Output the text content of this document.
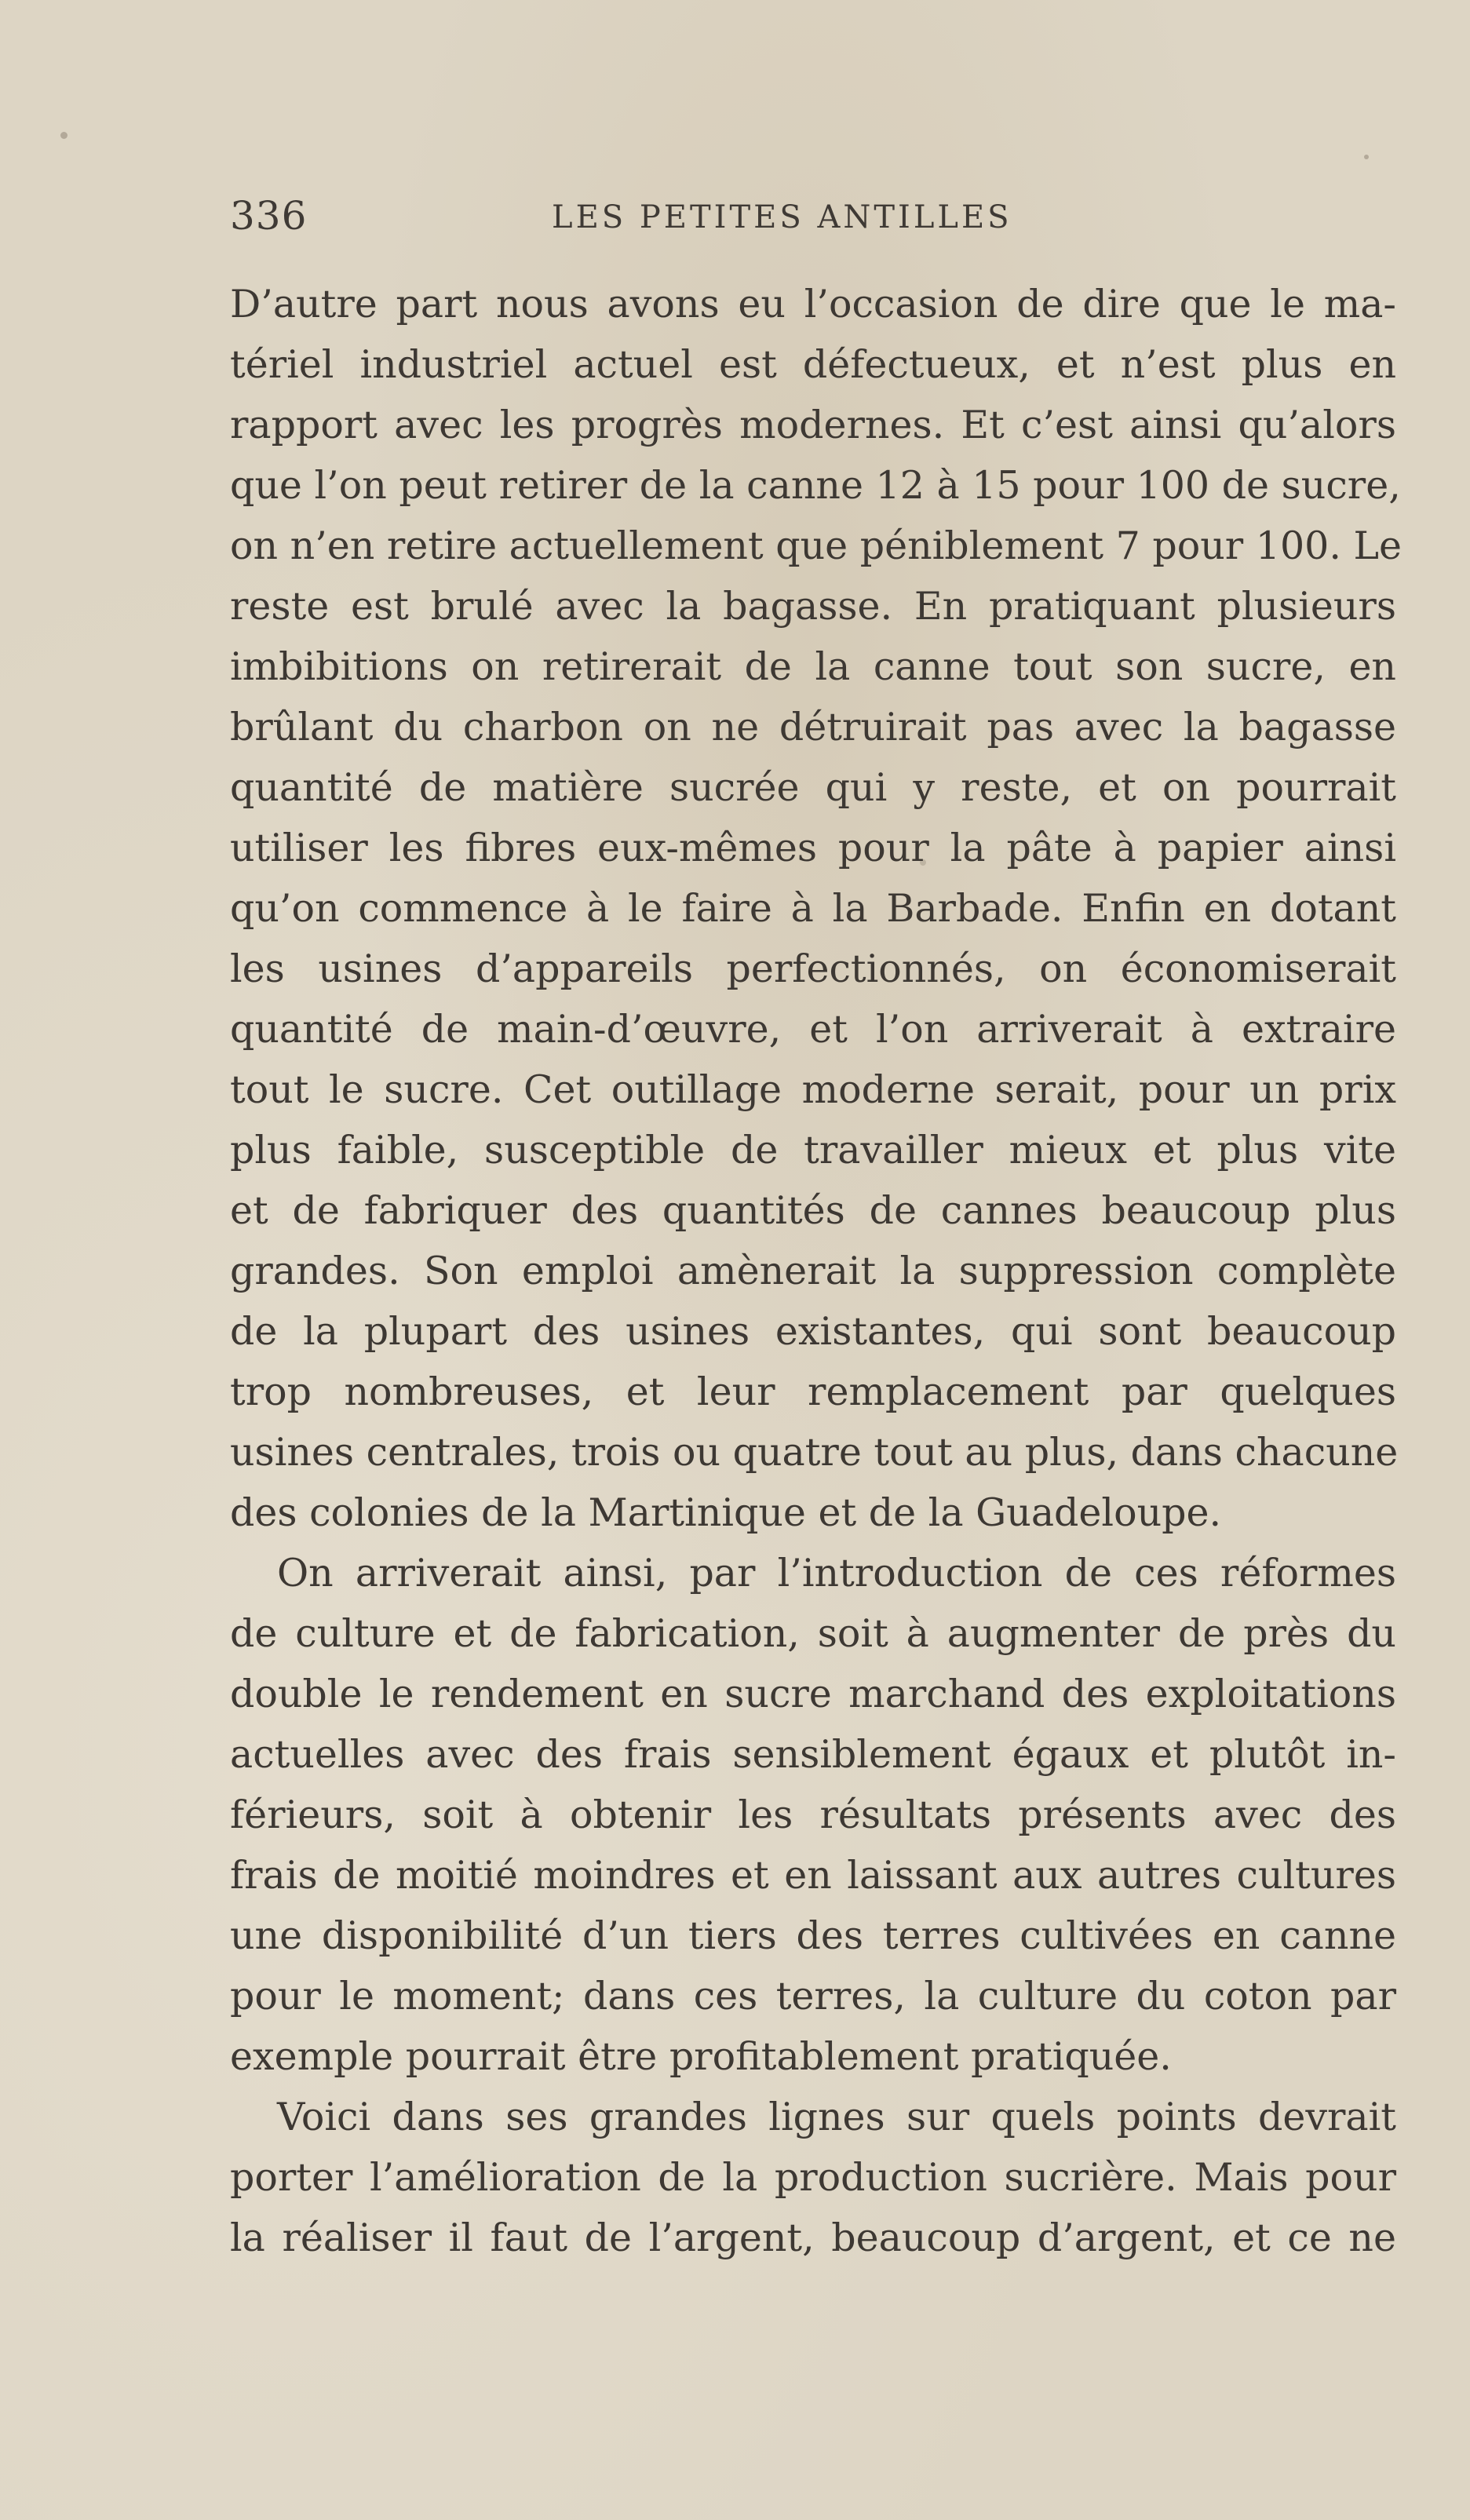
336	LES PETITES ANTILLES
D’autre part nous avons eu l’occasion de dire que le ma-
tériel industriel actuel est défectueux, et n’est plus en
rapport avec les progrès modernes. Et c’est ainsi qu’alors
que l’on peut retirer de la canne 12 à 15 pour 100 de sucre,
on n’en retire actuellement que péniblement 7 pour 100. Le
reste est brulé avec la bagasse. En pratiquant plusieurs
imbibitions on retirerait de la canne tout son sucre, en
brûlant du charbon on ne détruirait pas avec la bagasse
quantité de matière sucrée qui y reste, et on pourrait
utiliser les fibres eux-mêmes pour la pâte à papier ainsi
qu’on commence à le faire à la Barbade. Enfin en dotant
les usines d’appareils perfectionnés, on économiserait
quantité de main-d’œuvre, et l’on arriverait à extraire
tout le sucre. Cet outillage moderne serait, pour un prix
plus faible, susceptible de travailler mieux et plus vite
et de fabriquer des quantités de cannes beaucoup plus
grandes. Son emploi amènerait la suppression complète
de la plupart des usines existantes, qui sont beaucoup
trop nombreuses, et leur remplacement par quelques
usines centrales, trois ou quatre tout au plus, dans chacune
des colonies de la Martinique et de la Guadeloupe.
On arriverait ainsi, par l’introduction de ces réformes
de culture et de fabrication, soit à augmenter de près du
double le rendement en sucre marchand des exploitations
actuelles avec des frais sensiblement égaux et plutôt in-
férieurs, soit à obtenir les résultats présents avec des
frais de moitié moindres et en laissant aux autres cultures
une disponibilité d’un tiers des terres cultivées en canne
pour le moment; dans ces terres, la culture du coton par
exemple pourrait être profitablement pratiquée.
Voici dans ses grandes lignes sur quels points devrait
porter l’amélioration de la production sucrière. Mais pour
la réaliser il faut de l’argent, beaucoup d’argent, et ce ne
